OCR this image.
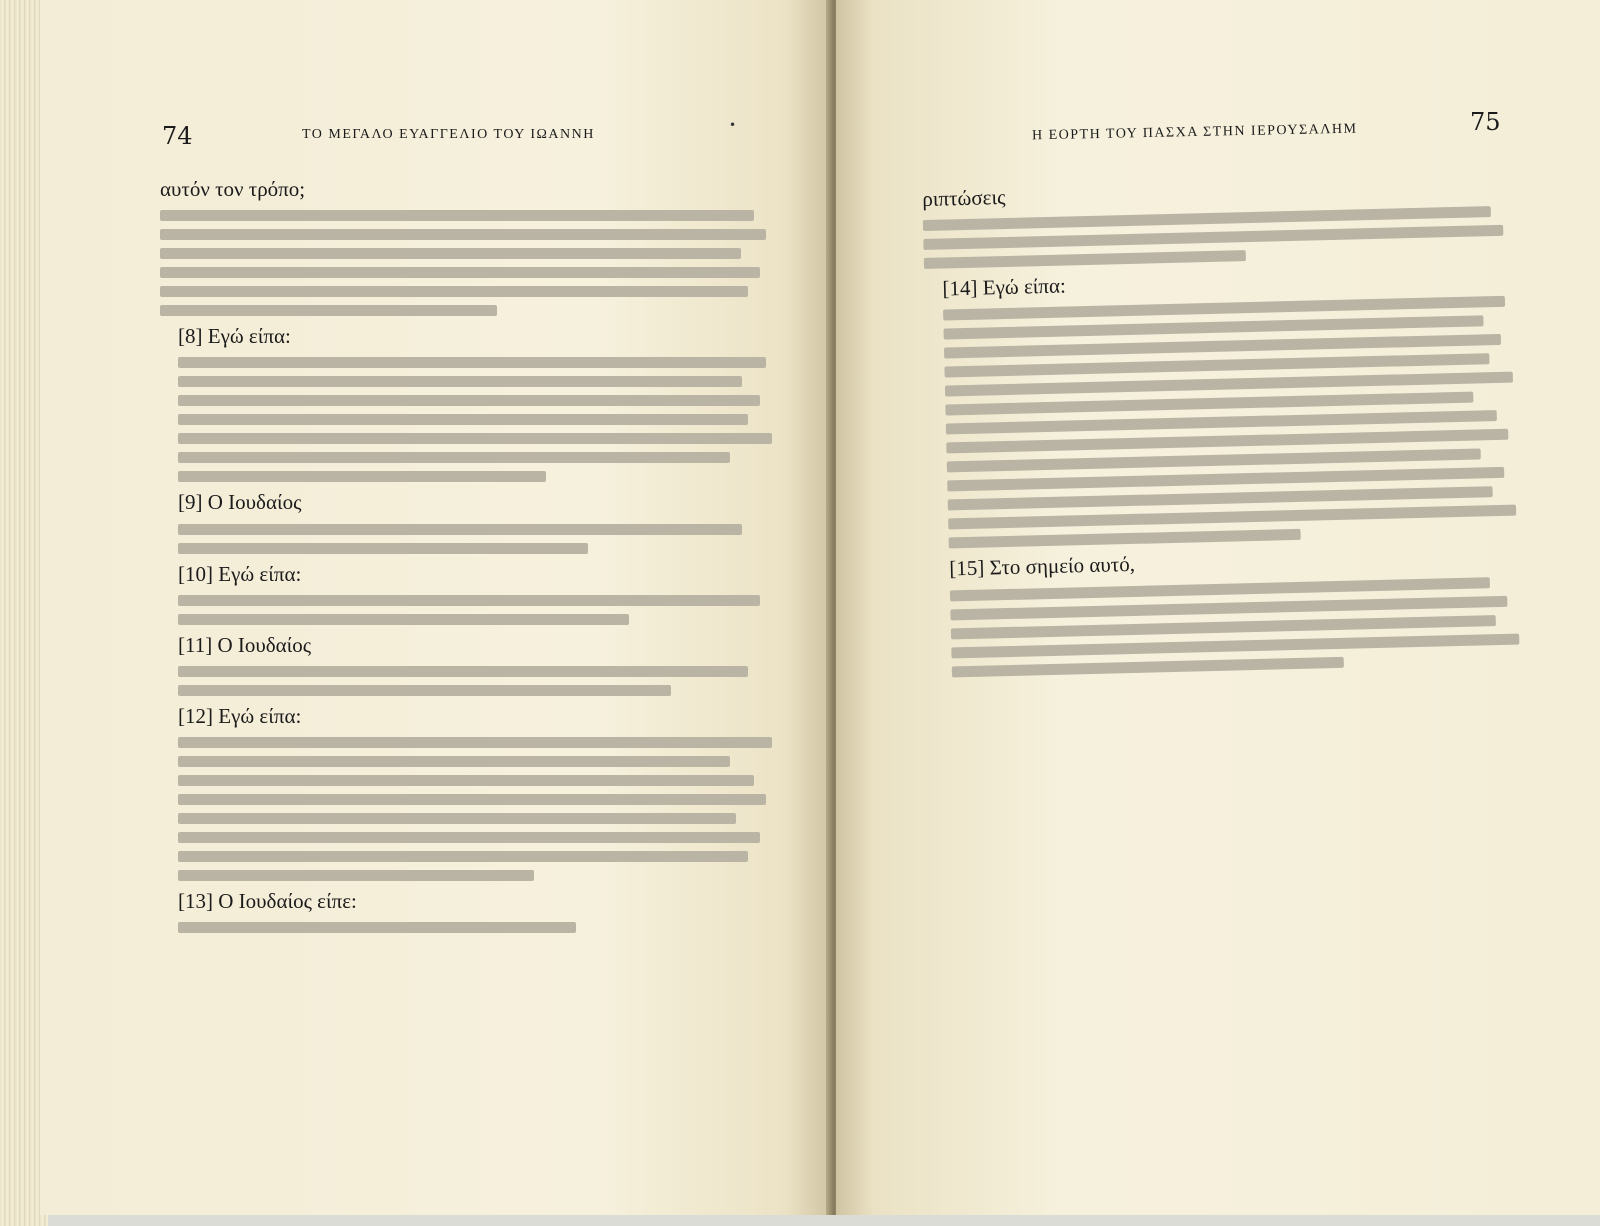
74	ΤΟ ΜΕΓΑΛΟ ΕΥΑΓΓΕΛΙΟ ΤΟΥ ΙΩΑΝΝΗ
•
αυτόν τον τρόπο;
[8] Εγώ είπα:
[9] Ο Ιουδαίος
[10] Εγώ είπα:
[11] Ο Ιουδαίος
[12] Εγώ είπα:
[13] Ο Ιουδαίος είπε:
Η ΕΟΡΤΗ ΤΟΥ ΠΑΣΧΑ ΣΤΗΝ ΙΕΡΟΥΣΑΛΗΜ	75
ριπτώσεις
[14] Εγώ είπα:
[15] Στο σημείο αυτό,
